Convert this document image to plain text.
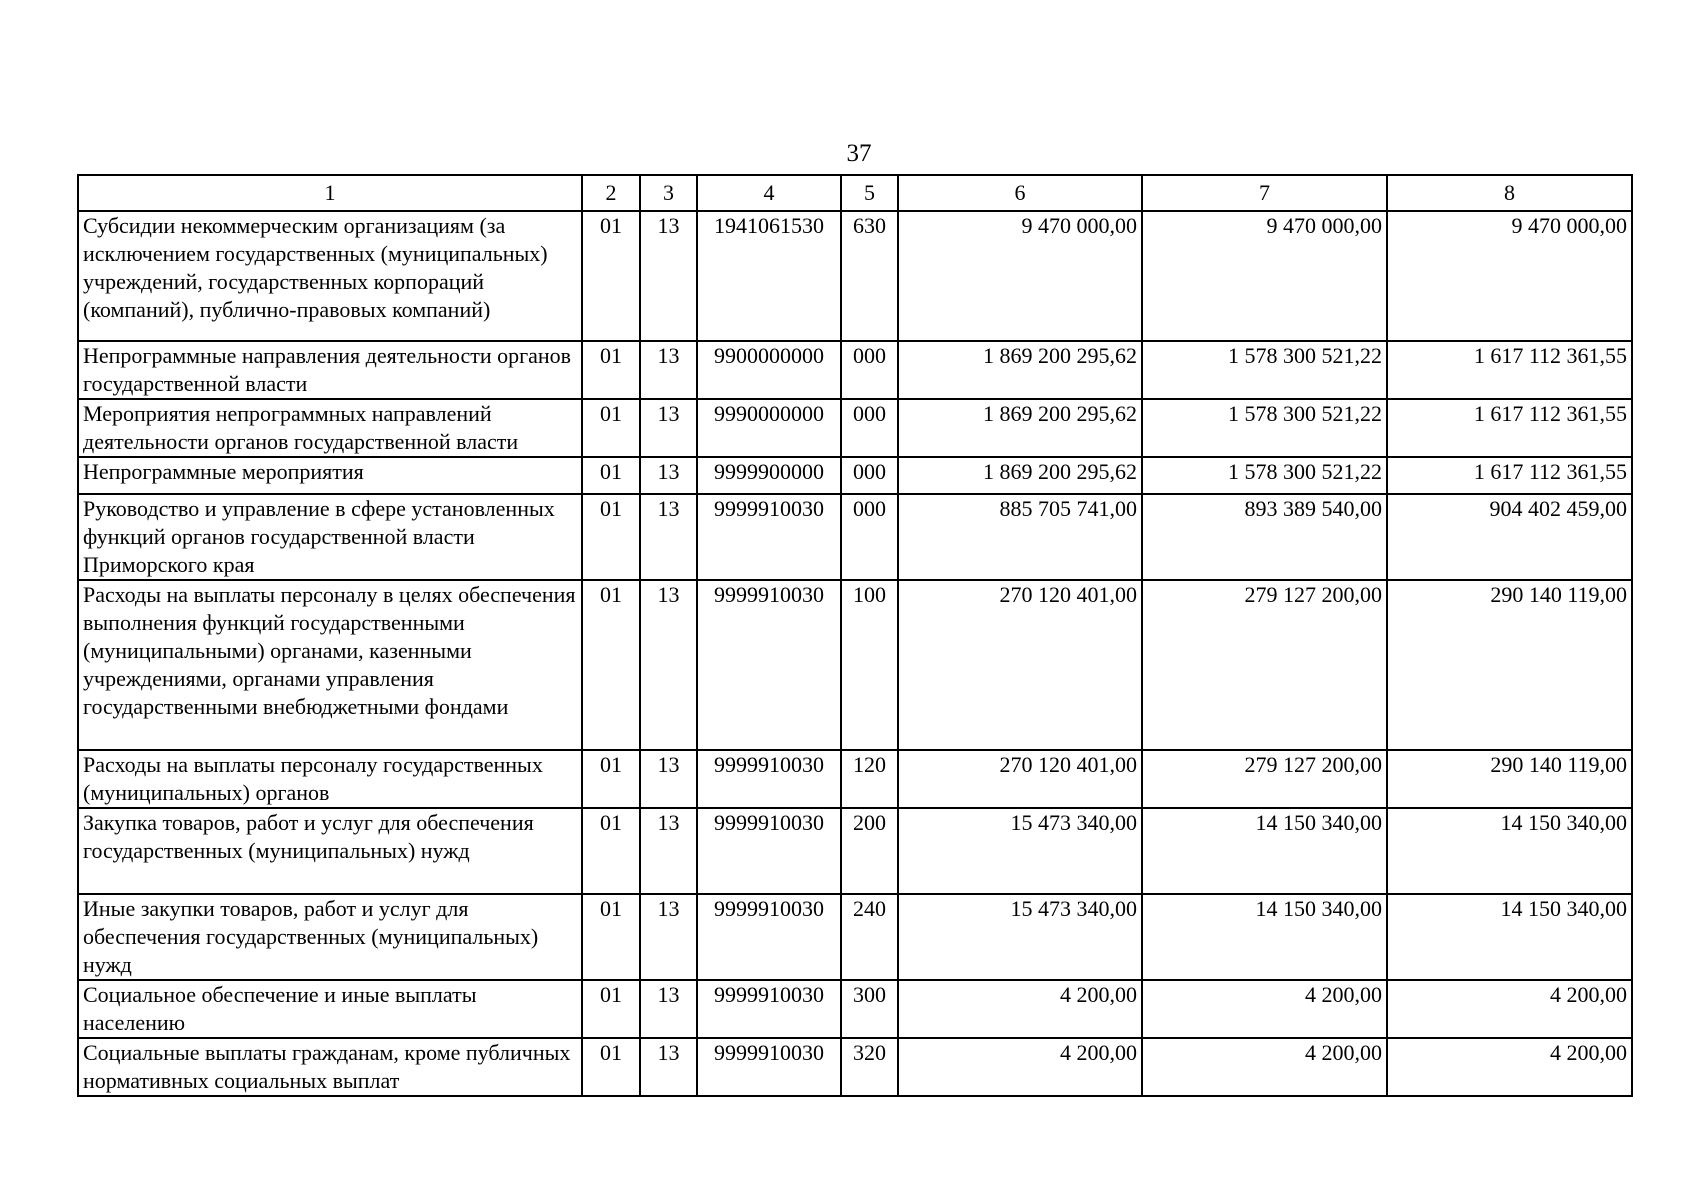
37
1	2	3	4	5	6	7	8
Субсидии некоммерческим организациям (за исключением государственных (муниципальных) учреждений, государственных корпораций (компаний), публично-правовых компаний)	01	13	1941061530	630	9 470 000,00	9 470 000,00	9 470 000,00
Непрограммные направления деятельности органов государственной власти	01	13	9900000000	000	1 869 200 295,62	1 578 300 521,22	1 617 112 361,55
Мероприятия непрограммных направлений деятельности органов государственной власти	01	13	9990000000	000	1 869 200 295,62	1 578 300 521,22	1 617 112 361,55
Непрограммные мероприятия	01	13	9999900000	000	1 869 200 295,62	1 578 300 521,22	1 617 112 361,55
Руководство и управление в сфере установленных функций органов государственной власти Приморского края	01	13	9999910030	000	885 705 741,00	893 389 540,00	904 402 459,00
Расходы на выплаты персоналу в целях обеспечения выполнения функций государственными (муниципальными) органами, казенными учреждениями, органами управления государственными внебюджетными фондами	01	13	9999910030	100	270 120 401,00	279 127 200,00	290 140 119,00
Расходы на выплаты персоналу государственных (муниципальных) органов	01	13	9999910030	120	270 120 401,00	279 127 200,00	290 140 119,00
Закупка товаров, работ и услуг для обеспечения государственных (муниципальных) нужд	01	13	9999910030	200	15 473 340,00	14 150 340,00	14 150 340,00
Иные закупки товаров, работ и услуг для обеспечения государственных (муниципальных) нужд	01	13	9999910030	240	15 473 340,00	14 150 340,00	14 150 340,00
Социальное обеспечение и иные выплаты населению	01	13	9999910030	300	4 200,00	4 200,00	4 200,00
Социальные выплаты гражданам, кроме публичных нормативных социальных выплат	01	13	9999910030	320	4 200,00	4 200,00	4 200,00
